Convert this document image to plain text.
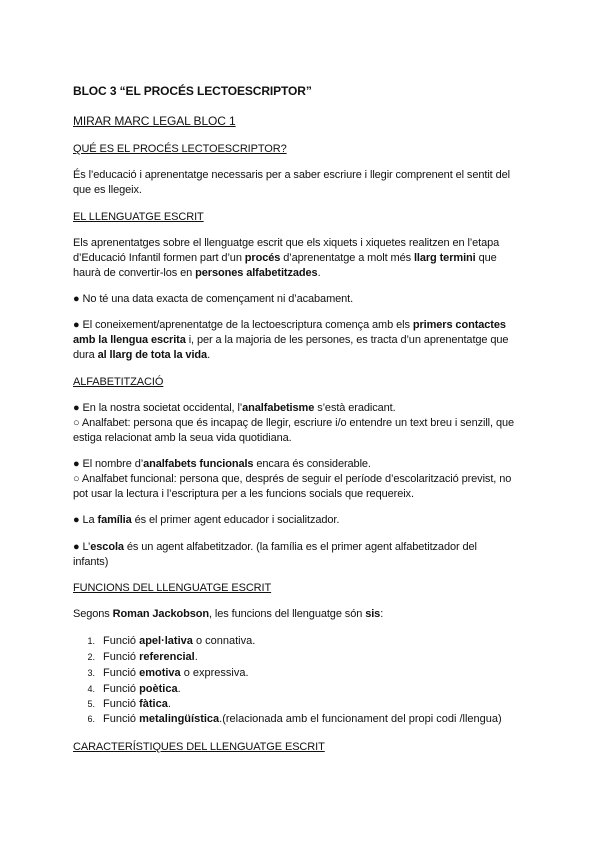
BLOC 3 “EL PROCÉS LECTOESCRIPTOR”
MIRAR MARC LEGAL BLOC 1
QUÉ ES EL PROCÉS LECTOESCRIPTOR?
És l’educació i aprenentatge necessaris per a saber escriure i llegir comprenent el sentit del
que es llegeix.
EL LLENGUATGE ESCRIT
Els aprenentatges sobre el llenguatge escrit que els xiquets i xiquetes realitzen en l’etapa
d’Educació Infantil formen part d’un procés d’aprenentatge a molt més llarg termini que
haurà de convertir-los en persones alfabetitzades.
● No té una data exacta de començament ni d’acabament.
● El coneixement/aprenentatge de la lectoescriptura comença amb els primers contactes
amb la llengua escrita i, per a la majoria de les persones, es tracta d’un aprenentatge que
dura al llarg de tota la vida.
ALFABETITZACIÓ
● En la nostra societat occidental, l’analfabetisme s’està eradicant.
○ Analfabet: persona que és incapaç de llegir, escriure i/o entendre un text breu i senzill, que
estiga relacionat amb la seua vida quotidiana.
● El nombre d’analfabets funcionals encara és considerable.
○ Analfabet funcional: persona que, després de seguir el període d’escolarització previst, no
pot usar la lectura i l’escriptura per a les funcions socials que requereix.
● La família és el primer agent educador i socialitzador.
● L’escola és un agent alfabetitzador. (la família es el primer agent alfabetitzador del
infants)
FUNCIONS DEL LLENGUATGE ESCRIT
Segons Roman Jackobson, les funcions del llenguatge són sis:
1. Funció apel·lativa o connativa.
2. Funció referencial.
3. Funció emotiva o expressiva.
4. Funció poètica.
5. Funció fàtica.
6. Funció metalingüística.(relacionada amb el funcionament del propi codi /llengua)
CARACTERÍSTIQUES DEL LLENGUATGE ESCRIT
